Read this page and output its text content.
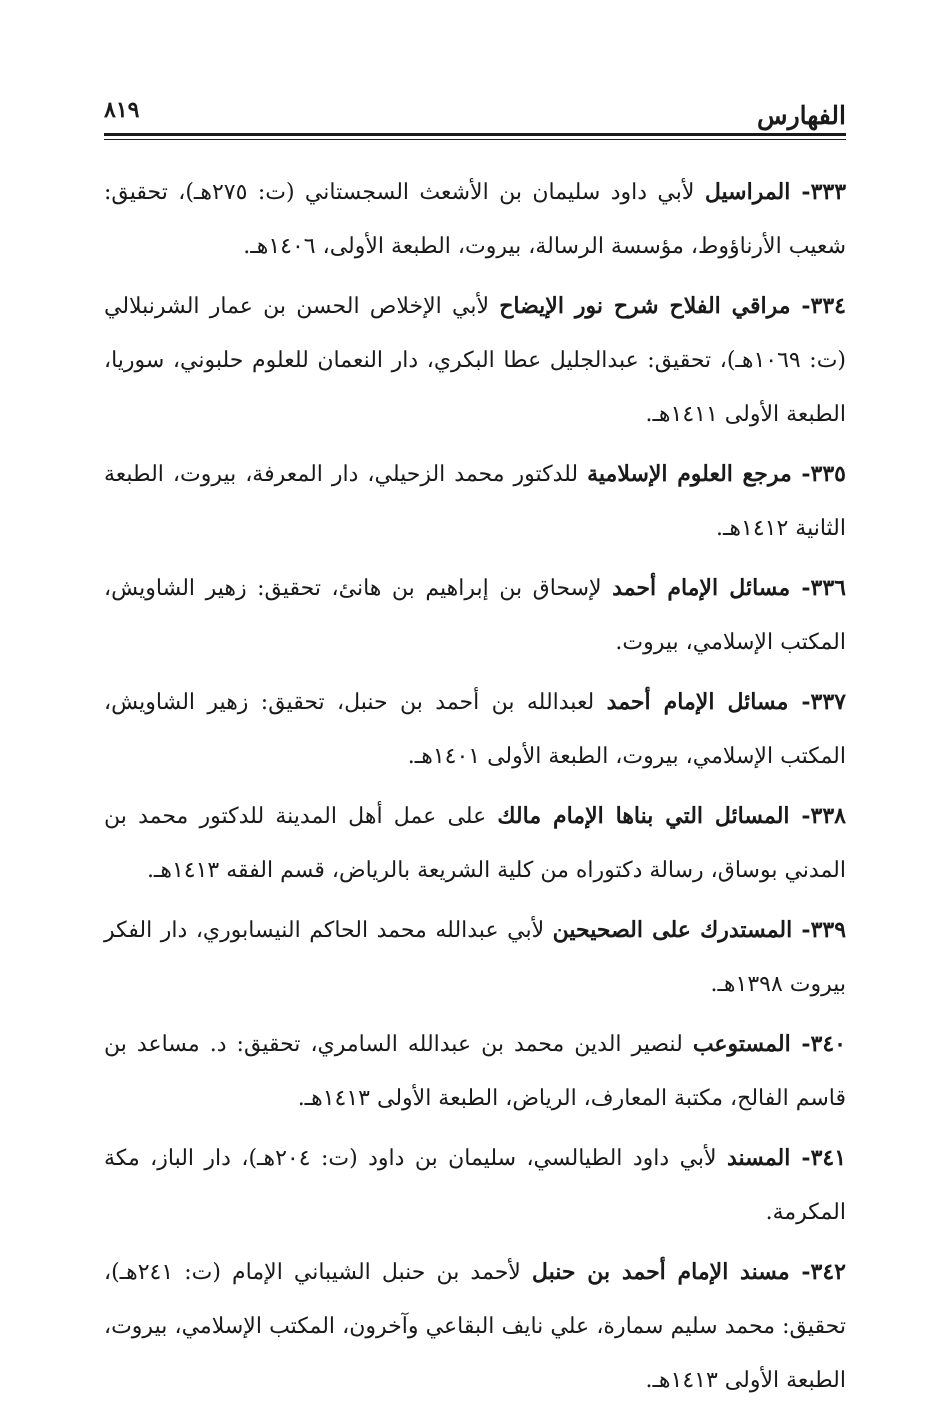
الفهارس
٨١٩

٣٣٣- المراسيل لأبي داود سليمان بن الأشعث السجستاني (ت: ٢٧٥هـ)، تحقيق: شعيب الأرناؤوط، مؤسسة الرسالة، بيروت، الطبعة الأولى، ١٤٠٦هـ.

٣٣٤- مراقي الفلاح شرح نور الإيضاح لأبي الإخلاص الحسن بن عمار الشرنبلالي (ت: ١٠٦٩هـ)، تحقيق: عبدالجليل عطا البكري، دار النعمان للعلوم حلبوني، سوريا، الطبعة الأولى ١٤١١هـ.

٣٣٥- مرجع العلوم الإسلامية للدكتور محمد الزحيلي، دار المعرفة، بيروت، الطبعة الثانية ١٤١٢هـ.

٣٣٦- مسائل الإمام أحمد لإسحاق بن إبراهيم بن هانئ، تحقيق: زهير الشاويش، المكتب الإسلامي، بيروت.

٣٣٧- مسائل الإمام أحمد لعبدالله بن أحمد بن حنبل، تحقيق: زهير الشاويش، المكتب الإسلامي، بيروت، الطبعة الأولى ١٤٠١هـ.

٣٣٨- المسائل التي بناها الإمام مالك على عمل أهل المدينة للدكتور محمد بن المدني بوساق، رسالة دكتوراه من كلية الشريعة بالرياض، قسم الفقه ١٤١٣هـ.

٣٣٩- المستدرك على الصحيحين لأبي عبدالله محمد الحاكم النيسابوري، دار الفكر بيروت ١٣٩٨هـ.

٣٤٠- المستوعب لنصير الدين محمد بن عبدالله السامري، تحقيق: د. مساعد بن قاسم الفالح، مكتبة المعارف، الرياض، الطبعة الأولى ١٤١٣هـ.

٣٤١- المسند لأبي داود الطيالسي، سليمان بن داود (ت: ٢٠٤هـ)، دار الباز، مكة المكرمة.

٣٤٢- مسند الإمام أحمد بن حنبل لأحمد بن حنبل الشيباني الإمام (ت: ٢٤١هـ)، تحقيق: محمد سليم سمارة، علي نايف البقاعي وآخرون، المكتب الإسلامي، بيروت، الطبعة الأولى ١٤١٣هـ.
